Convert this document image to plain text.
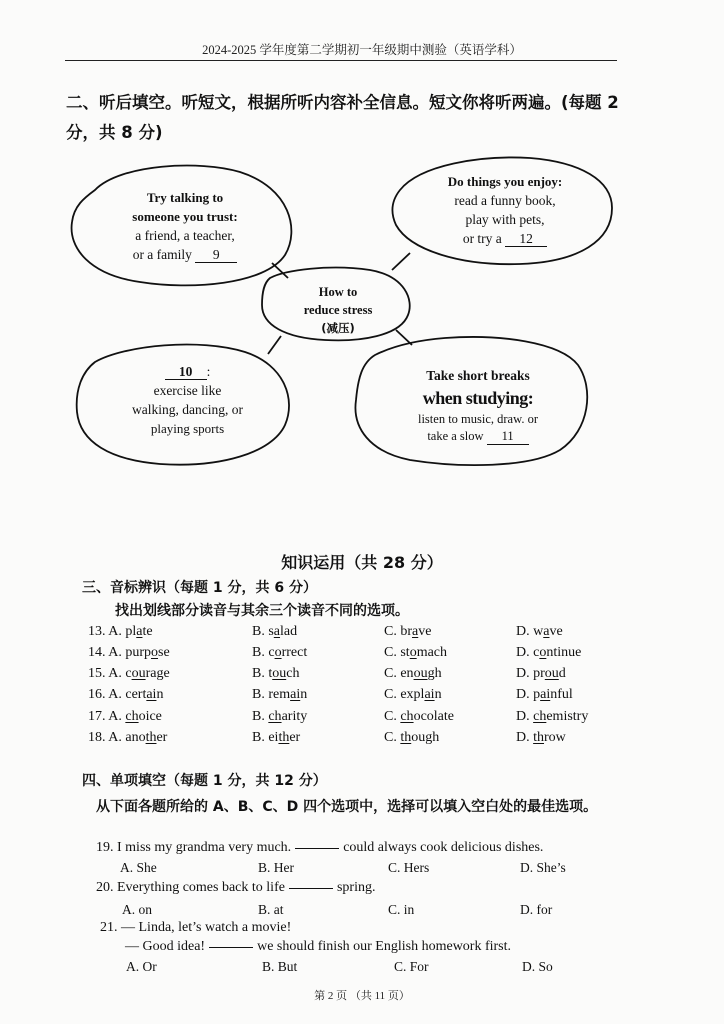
2024-2025 学年度第二学期初一年级期中测验（英语学科）
二、听后填空。听短文，根据所听内容补全信息。短文你将听两遍。(每题 2 分，共 8 分)
Try talking to
someone you trust:
a friend, a teacher,
or a family 9
Do things you enjoy:
read a funny book,
play with pets,
or try a 12
How to
reduce stress
(减压)
10 :
exercise like
walking, dancing, or
playing sports
Take short breaks
when studying:
listen to music, draw. or
take a slow 11
知识运用（共 28 分）
三、音标辨识（每题 1 分，共 6 分）
找出划线部分读音与其余三个读音不同的选项。
13. A. plate	B. salad	C. brave	D. wave
14. A. purpose	B. correct	C. stomach	D. continue
15. A. courage	B. touch	C. enough	D. proud
16. A. certain	B. remain	C. explain	D. painful
17. A. choice	B. charity	C. chocolate	D. chemistry
18. A. another	B. either	C. though	D. throw
四、单项填空（每题 1 分，共 12 分）
从下面各题所给的 A、B、C、D 四个选项中，选择可以填入空白处的最佳选项。
19. I miss my grandma very much.	could always cook delicious dishes.
A. She	B. Her	C. Hers	D. She’s
20. Everything comes back to life	spring.
A. on	B. at	C. in	D. for
21. — Linda, let’s watch a movie!
— Good idea!	we should finish our English homework first.
A. Or	B. But	C. For	D. So
第 2 页 （共 11 页）
